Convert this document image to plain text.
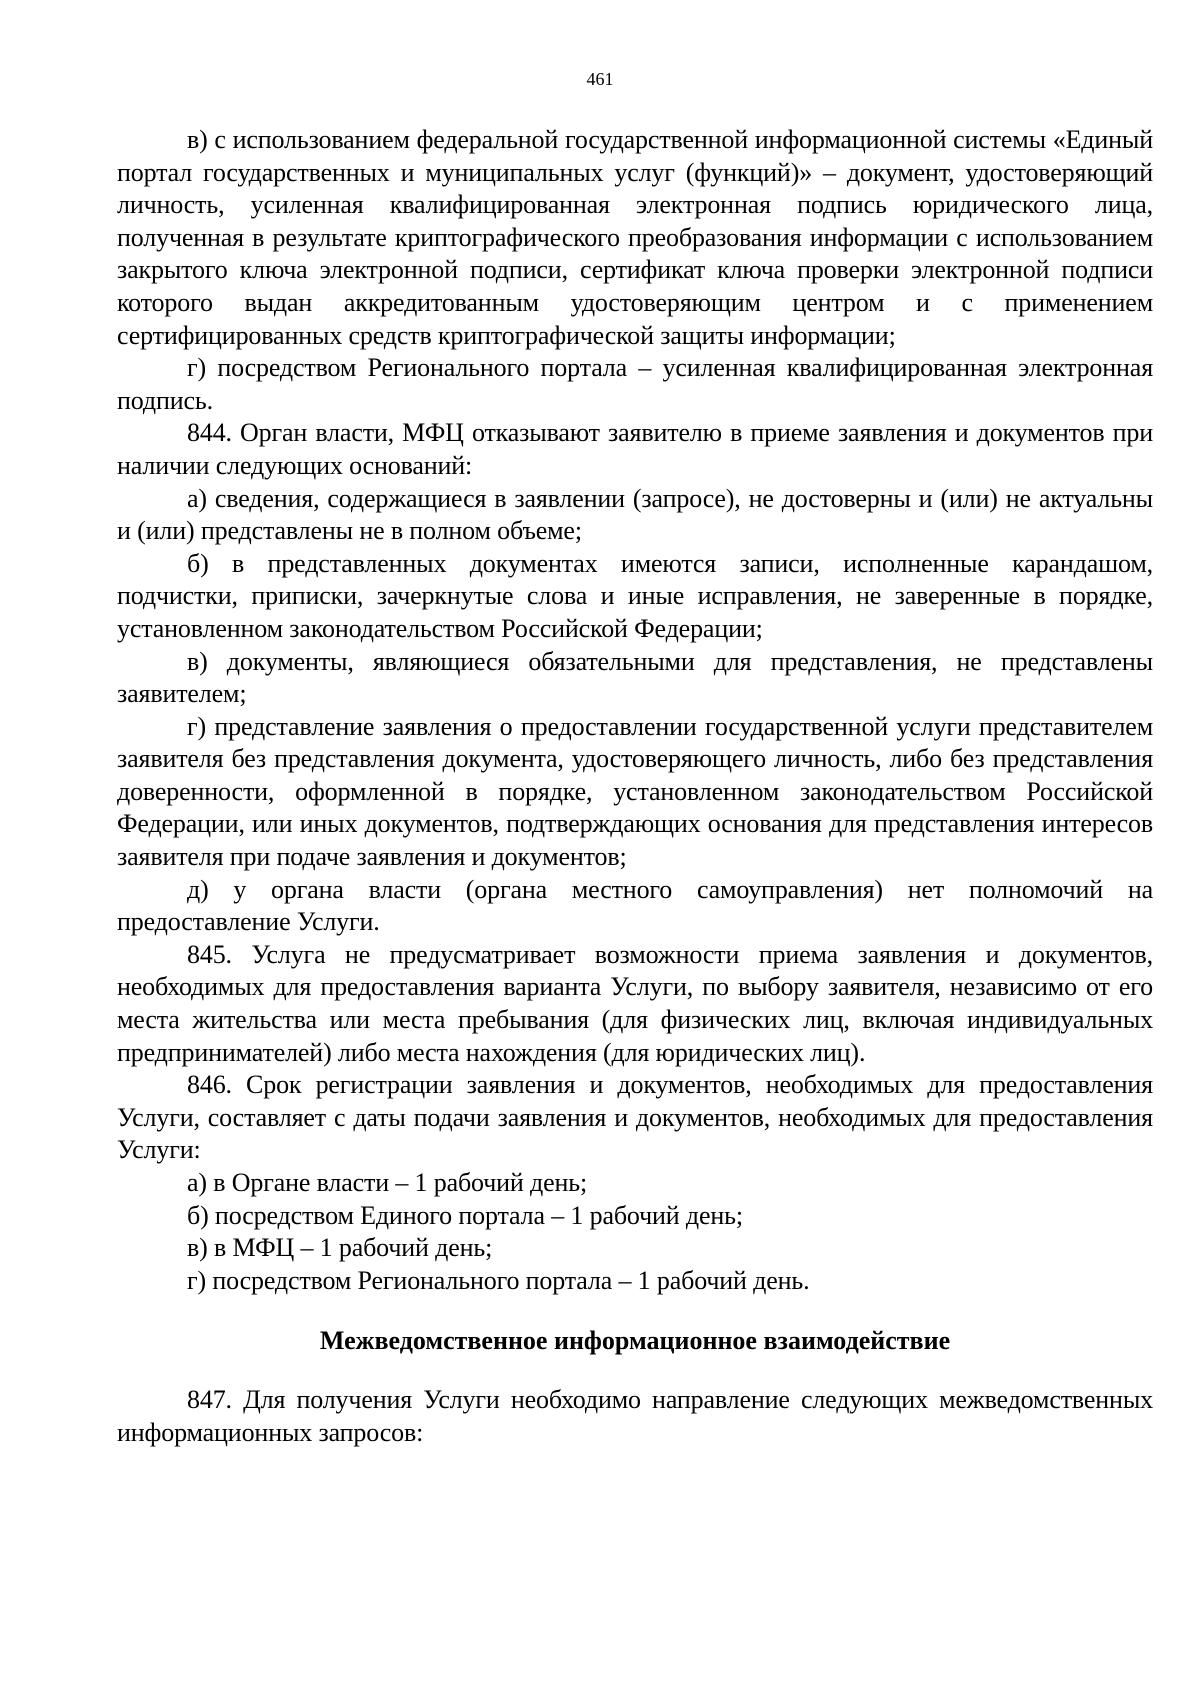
461

в) с использованием федеральной государственной информационной системы «Единый портал государственных и муниципальных услуг (функций)» – документ, удостоверяющий личность, усиленная квалифицированная электронная подпись юридического лица, полученная в результате криптографического преобразования информации с использованием закрытого ключа электронной подписи, сертификат ключа проверки электронной подписи которого выдан аккредитованным удостоверяющим центром и с применением сертифицированных средств криптографической защиты информации;

г) посредством Регионального портала – усиленная квалифицированная электронная подпись.

844. Орган власти, МФЦ отказывают заявителю в приеме заявления и документов при наличии следующих оснований:

а) сведения, содержащиеся в заявлении (запросе), не достоверны и (или) не актуальны и (или) представлены не в полном объеме;

б) в представленных документах имеются записи, исполненные карандашом, подчистки, приписки, зачеркнутые слова и иные исправления, не заверенные в порядке, установленном законодательством Российской Федерации;

в) документы, являющиеся обязательными для представления, не представлены заявителем;

г) представление заявления о предоставлении государственной услуги представителем заявителя без представления документа, удостоверяющего личность, либо без представления доверенности, оформленной в порядке, установленном законодательством Российской Федерации, или иных документов, подтверждающих основания для представления интересов заявителя при подаче заявления и документов;

д) у органа власти (органа местного самоуправления) нет полномочий на предоставление Услуги.

845. Услуга не предусматривает возможности приема заявления и документов, необходимых для предоставления варианта Услуги, по выбору заявителя, независимо от его места жительства или места пребывания (для физических лиц, включая индивидуальных предпринимателей) либо места нахождения (для юридических лиц).

846. Срок регистрации заявления и документов, необходимых для предоставления Услуги, составляет с даты подачи заявления и документов, необходимых для предоставления Услуги:

а) в Органе власти – 1 рабочий день;

б) посредством Единого портала – 1 рабочий день;

в) в МФЦ – 1 рабочий день;

г) посредством Регионального портала – 1 рабочий день.

Межведомственное информационное взаимодействие

847. Для получения Услуги необходимо направление следующих межведомственных информационных запросов:
